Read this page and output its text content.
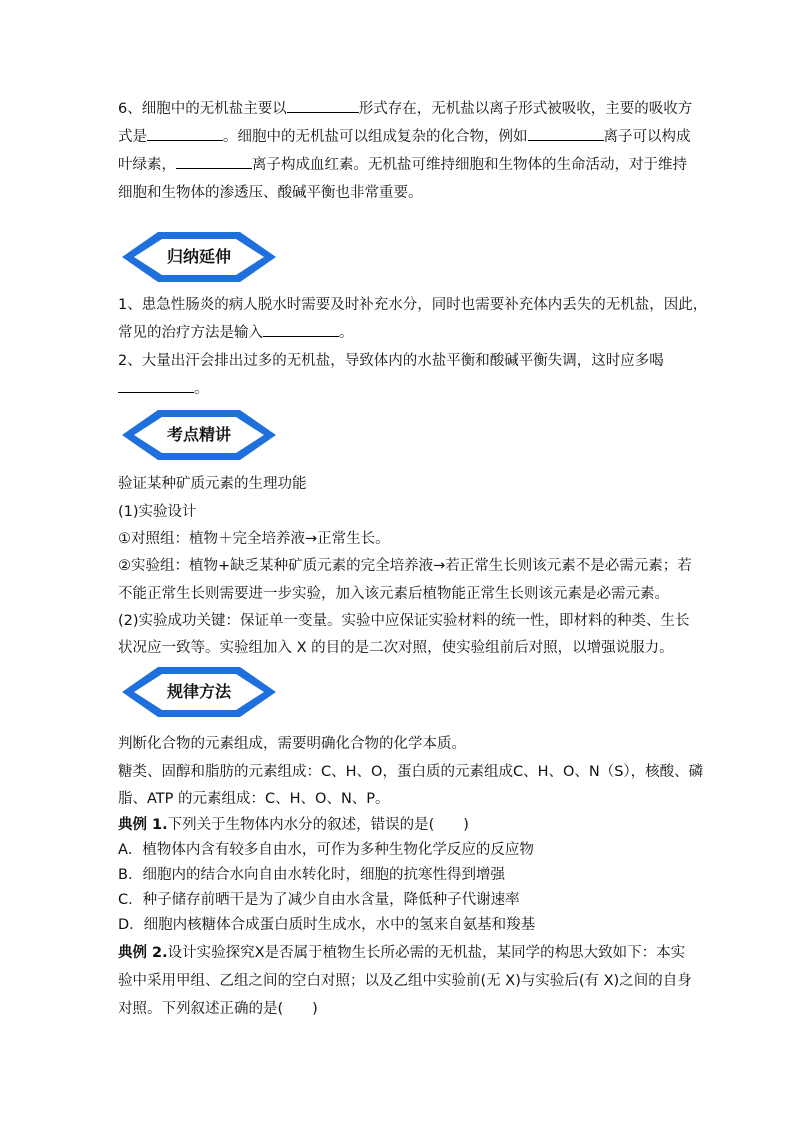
6、细胞中的无机盐主要以	形式存在，无机盐以离子形式被吸收，主要的吸收方
式是	。细胞中的无机盐可以组成复杂的化合物，例如	离子可以构成
叶绿素，	离子构成血红素。无机盐可维持细胞和生物体的生命活动，对于维持
细胞和生物体的渗透压、酸碱平衡也非常重要。
归纳延伸
1、患急性肠炎的病人脱水时需要及时补充水分，同时也需要补充体内丢失的无机盐，因此，
常见的治疗方法是输入	。
2、大量出汗会排出过多的无机盐，导致体内的水盐平衡和酸碱平衡失调，这时应多喝
。
考点精讲
验证某种矿质元素的生理功能
(1)实验设计
①对照组：植物＋完全培养液→正常生长。
②实验组：植物+缺乏某种矿质元素的完全培养液→若正常生长则该元素不是必需元素；若
不能正常生长则需要进一步实验，加入该元素后植物能正常生长则该元素是必需元素。
(2)实验成功关键：保证单一变量。实验中应保证实验材料的统一性，即材料的种类、生长
状况应一致等。实验组加入 X 的目的是二次对照，使实验组前后对照，以增强说服力。
规律方法
判断化合物的元素组成，需要明确化合物的化学本质。
糖类、固醇和脂肪的元素组成：C、H、O，蛋白质的元素组成C、H、O、N（S），核酸、磷
脂、ATP 的元素组成：C、H、O、N、P。
典例 1.下列关于生物体内水分的叙述，错误的是(　　)
A．植物体内含有较多自由水，可作为多种生物化学反应的反应物
B．细胞内的结合水向自由水转化时，细胞的抗寒性得到增强
C．种子储存前晒干是为了减少自由水含量，降低种子代谢速率
D．细胞内核糖体合成蛋白质时生成水，水中的氢来自氨基和羧基
典例 2.设计实验探究X是否属于植物生长所必需的无机盐，某同学的构思大致如下：本实
验中采用甲组、乙组之间的空白对照；以及乙组中实验前(无 X)与实验后(有 X)之间的自身
对照。下列叙述正确的是(　　)
